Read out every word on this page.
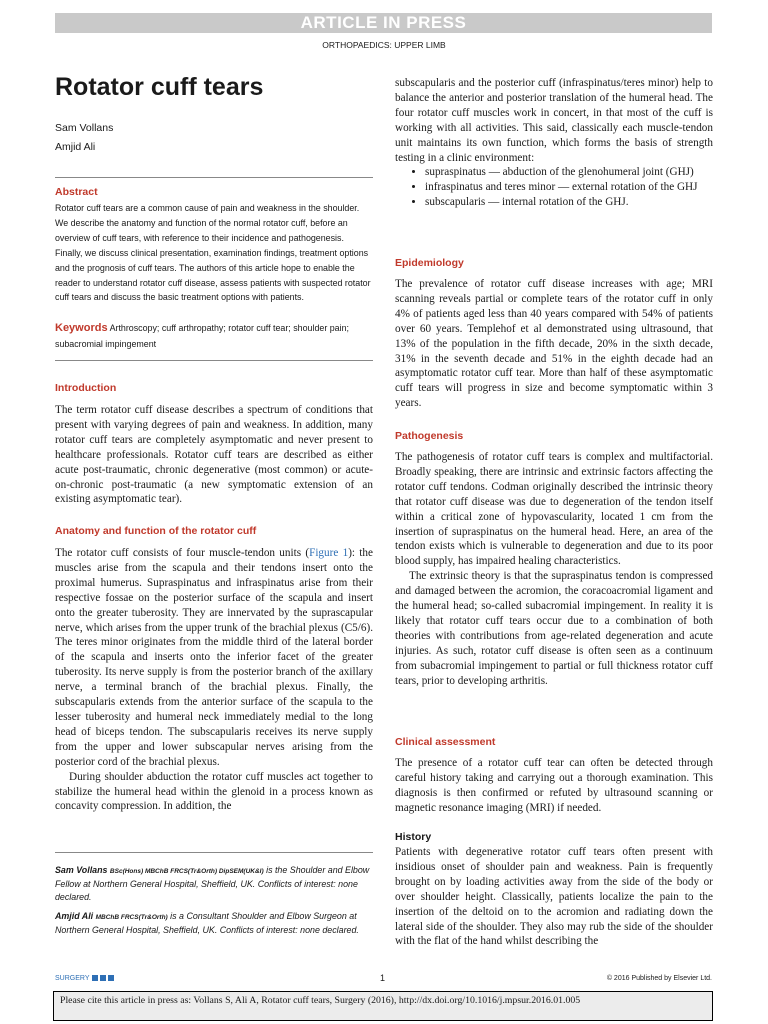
ARTICLE IN PRESS
ORTHOPAEDICS: UPPER LIMB
Rotator cuff tears
Sam Vollans
Amjid Ali
Abstract
Rotator cuff tears are a common cause of pain and weakness in the shoulder. We describe the anatomy and function of the normal rotator cuff, before an overview of cuff tears, with reference to their incidence and pathogenesis. Finally, we discuss clinical presentation, examination findings, treatment options and the prognosis of cuff tears. The authors of this article hope to enable the reader to understand rotator cuff disease, assess patients with suspected rotator cuff tears and discuss the basic treatment options with patients.
Keywords Arthroscopy; cuff arthropathy; rotator cuff tear; shoulder pain; subacromial impingement
Introduction

The term rotator cuff disease describes a spectrum of conditions that present with varying degrees of pain and weakness. In addition, many rotator cuff tears are completely asymptomatic and never present to healthcare professionals. Rotator cuff tears are described as either acute post-traumatic, chronic degenerative (most common) or acute-on-chronic post-traumatic (a new symptomatic extension of an existing asymptomatic tear).

Anatomy and function of the rotator cuff

The rotator cuff consists of four muscle-tendon units (Figure 1): the muscles arise from the scapula and their tendons insert onto the proximal humerus. Supraspinatus and infraspinatus arise from their respective fossae on the posterior surface of the scapula and insert onto the greater tuberosity. They are innervated by the suprascapular nerve, which arises from the upper trunk of the brachial plexus (C5/6). The teres minor originates from the middle third of the lateral border of the scapula and inserts onto the inferior facet of the greater tuberosity. Its nerve supply is from the posterior branch of the axillary nerve, a terminal branch of the brachial plexus. Finally, the subscapularis extends from the anterior surface of the scapula to the lesser tuberosity and humeral neck immediately medial to the long head of biceps tendon. The subscapularis receives its nerve supply from the upper and lower subscapular nerves arising from the posterior cord of the brachial plexus.

During shoulder abduction the rotator cuff muscles act together to stabilize the humeral head within the glenoid in a process known as concavity compression. In addition, the

Sam Vollans BSc(Hons) MBChB FRCS(Tr&Orth) DipSEM(UK&I) is the Shoulder and Elbow Fellow at Northern General Hospital, Sheffield, UK. Conflicts of interest: none declared.
Amjid Ali MBChB FRCS(Tr&Orth) is a Consultant Shoulder and Elbow Surgeon at Northern General Hospital, Sheffield, UK. Conflicts of interest: none declared.

subscapularis and the posterior cuff (infraspinatus/teres minor) help to balance the anterior and posterior translation of the humeral head. The four rotator cuff muscles work in concert, in that most of the cuff is working with all activities. This said, classically each muscle-tendon unit maintains its own function, which forms the basis of strength testing in a clinic environment:

• supraspinatus — abduction of the glenohumeral joint (GHJ)
• infraspinatus and teres minor — external rotation of the GHJ
• subscapularis — internal rotation of the GHJ.
Epidemiology

The prevalence of rotator cuff disease increases with age; MRI scanning reveals partial or complete tears of the rotator cuff in only 4% of patients aged less than 40 years compared with 54% of patients over 60 years. Templehof et al demonstrated using ultrasound, that 13% of the population in the fifth decade, 20% in the sixth decade, 31% in the seventh decade and 51% in the eighth decade had an asymptomatic rotator cuff tear. More than half of these asymptomatic cuff tears will progress in size and become symptomatic within 3 years.

Pathogenesis

The pathogenesis of rotator cuff tears is complex and multifactorial. Broadly speaking, there are intrinsic and extrinsic factors affecting the rotator cuff tendons. Codman originally described the intrinsic theory that rotator cuff disease was due to degeneration of the tendon itself within a critical zone of hypovascularity, located 1 cm from the insertion of supraspinatus on the humeral head. Here, an area of the tendon exists which is vulnerable to degeneration and due to its poor blood supply, has impaired healing characteristics.

The extrinsic theory is that the supraspinatus tendon is compressed and damaged between the acromion, the coracoacromial ligament and the humeral head; so-called subacromial impingement. In reality it is likely that rotator cuff tears occur due to a combination of both theories with contributions from age-related degeneration and acute injuries. As such, rotator cuff disease is often seen as a continuum from subacromial impingement to partial or full thickness rotator cuff tears, prior to developing arthritis.

Clinical assessment

The presence of a rotator cuff tear can often be detected through careful history taking and carrying out a thorough examination. This diagnosis is then confirmed or refuted by ultrasound scanning or magnetic resonance imaging (MRI) if needed.

History

Patients with degenerative rotator cuff tears often present with insidious onset of shoulder pain and weakness. Pain is frequently brought on by loading activities away from the side of the body or over shoulder height. Classically, patients localize the pain to the insertion of the deltoid on to the acromion and radiating down the lateral side of the shoulder. They also may rub the side of the shoulder with the flat of the hand whilst describing the

SURGERY	1	© 2016 Published by Elsevier Ltd.
Please cite this article in press as: Vollans S, Ali A, Rotator cuff tears, Surgery (2016), http://dx.doi.org/10.1016/j.mpsur.2016.01.005
